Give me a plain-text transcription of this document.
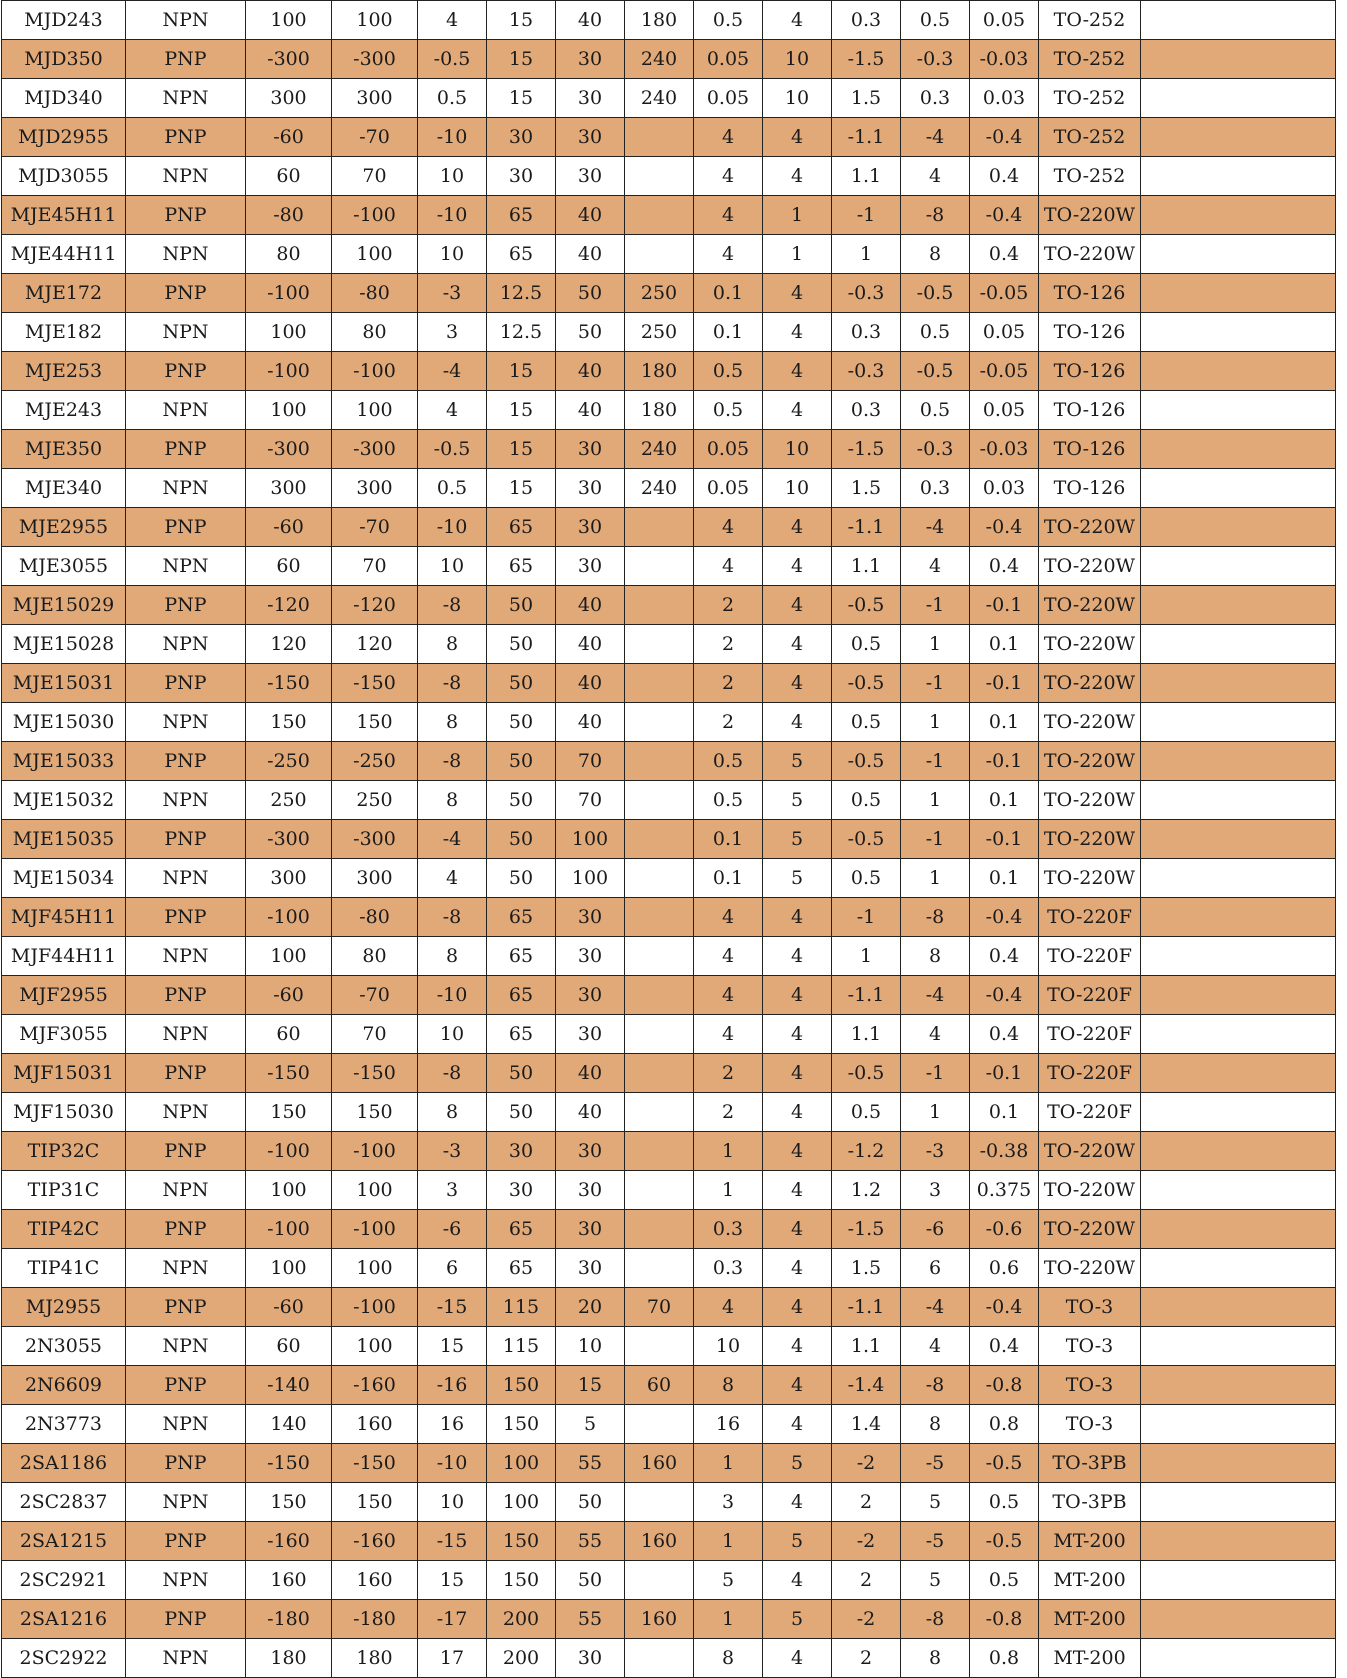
MJD243	NPN	100	100	4	15	40	180	0.5	4	0.3	0.5	0.05	TO-252	
MJD350	PNP	-300	-300	-0.5	15	30	240	0.05	10	-1.5	-0.3	-0.03	TO-252	
MJD340	NPN	300	300	0.5	15	30	240	0.05	10	1.5	0.3	0.03	TO-252	
MJD2955	PNP	-60	-70	-10	30	30		4	4	-1.1	-4	-0.4	TO-252	
MJD3055	NPN	60	70	10	30	30		4	4	1.1	4	0.4	TO-252	
MJE45H11	PNP	-80	-100	-10	65	40		4	1	-1	-8	-0.4	TO-220W	
MJE44H11	NPN	80	100	10	65	40		4	1	1	8	0.4	TO-220W	
MJE172	PNP	-100	-80	-3	12.5	50	250	0.1	4	-0.3	-0.5	-0.05	TO-126	
MJE182	NPN	100	80	3	12.5	50	250	0.1	4	0.3	0.5	0.05	TO-126	
MJE253	PNP	-100	-100	-4	15	40	180	0.5	4	-0.3	-0.5	-0.05	TO-126	
MJE243	NPN	100	100	4	15	40	180	0.5	4	0.3	0.5	0.05	TO-126	
MJE350	PNP	-300	-300	-0.5	15	30	240	0.05	10	-1.5	-0.3	-0.03	TO-126	
MJE340	NPN	300	300	0.5	15	30	240	0.05	10	1.5	0.3	0.03	TO-126	
MJE2955	PNP	-60	-70	-10	65	30		4	4	-1.1	-4	-0.4	TO-220W	
MJE3055	NPN	60	70	10	65	30		4	4	1.1	4	0.4	TO-220W	
MJE15029	PNP	-120	-120	-8	50	40		2	4	-0.5	-1	-0.1	TO-220W	
MJE15028	NPN	120	120	8	50	40		2	4	0.5	1	0.1	TO-220W	
MJE15031	PNP	-150	-150	-8	50	40		2	4	-0.5	-1	-0.1	TO-220W	
MJE15030	NPN	150	150	8	50	40		2	4	0.5	1	0.1	TO-220W	
MJE15033	PNP	-250	-250	-8	50	70		0.5	5	-0.5	-1	-0.1	TO-220W	
MJE15032	NPN	250	250	8	50	70		0.5	5	0.5	1	0.1	TO-220W	
MJE15035	PNP	-300	-300	-4	50	100		0.1	5	-0.5	-1	-0.1	TO-220W	
MJE15034	NPN	300	300	4	50	100		0.1	5	0.5	1	0.1	TO-220W	
MJF45H11	PNP	-100	-80	-8	65	30		4	4	-1	-8	-0.4	TO-220F	
MJF44H11	NPN	100	80	8	65	30		4	4	1	8	0.4	TO-220F	
MJF2955	PNP	-60	-70	-10	65	30		4	4	-1.1	-4	-0.4	TO-220F	
MJF3055	NPN	60	70	10	65	30		4	4	1.1	4	0.4	TO-220F	
MJF15031	PNP	-150	-150	-8	50	40		2	4	-0.5	-1	-0.1	TO-220F	
MJF15030	NPN	150	150	8	50	40		2	4	0.5	1	0.1	TO-220F	
TIP32C	PNP	-100	-100	-3	30	30		1	4	-1.2	-3	-0.38	TO-220W	
TIP31C	NPN	100	100	3	30	30		1	4	1.2	3	0.375	TO-220W	
TIP42C	PNP	-100	-100	-6	65	30		0.3	4	-1.5	-6	-0.6	TO-220W	
TIP41C	NPN	100	100	6	65	30		0.3	4	1.5	6	0.6	TO-220W	
MJ2955	PNP	-60	-100	-15	115	20	70	4	4	-1.1	-4	-0.4	TO-3	
2N3055	NPN	60	100	15	115	10		10	4	1.1	4	0.4	TO-3	
2N6609	PNP	-140	-160	-16	150	15	60	8	4	-1.4	-8	-0.8	TO-3	
2N3773	NPN	140	160	16	150	5		16	4	1.4	8	0.8	TO-3	
2SA1186	PNP	-150	-150	-10	100	55	160	1	5	-2	-5	-0.5	TO-3PB	
2SC2837	NPN	150	150	10	100	50		3	4	2	5	0.5	TO-3PB	
2SA1215	PNP	-160	-160	-15	150	55	160	1	5	-2	-5	-0.5	MT-200	
2SC2921	NPN	160	160	15	150	50		5	4	2	5	0.5	MT-200	
2SA1216	PNP	-180	-180	-17	200	55	160	1	5	-2	-8	-0.8	MT-200	
2SC2922	NPN	180	180	17	200	30		8	4	2	8	0.8	MT-200	
